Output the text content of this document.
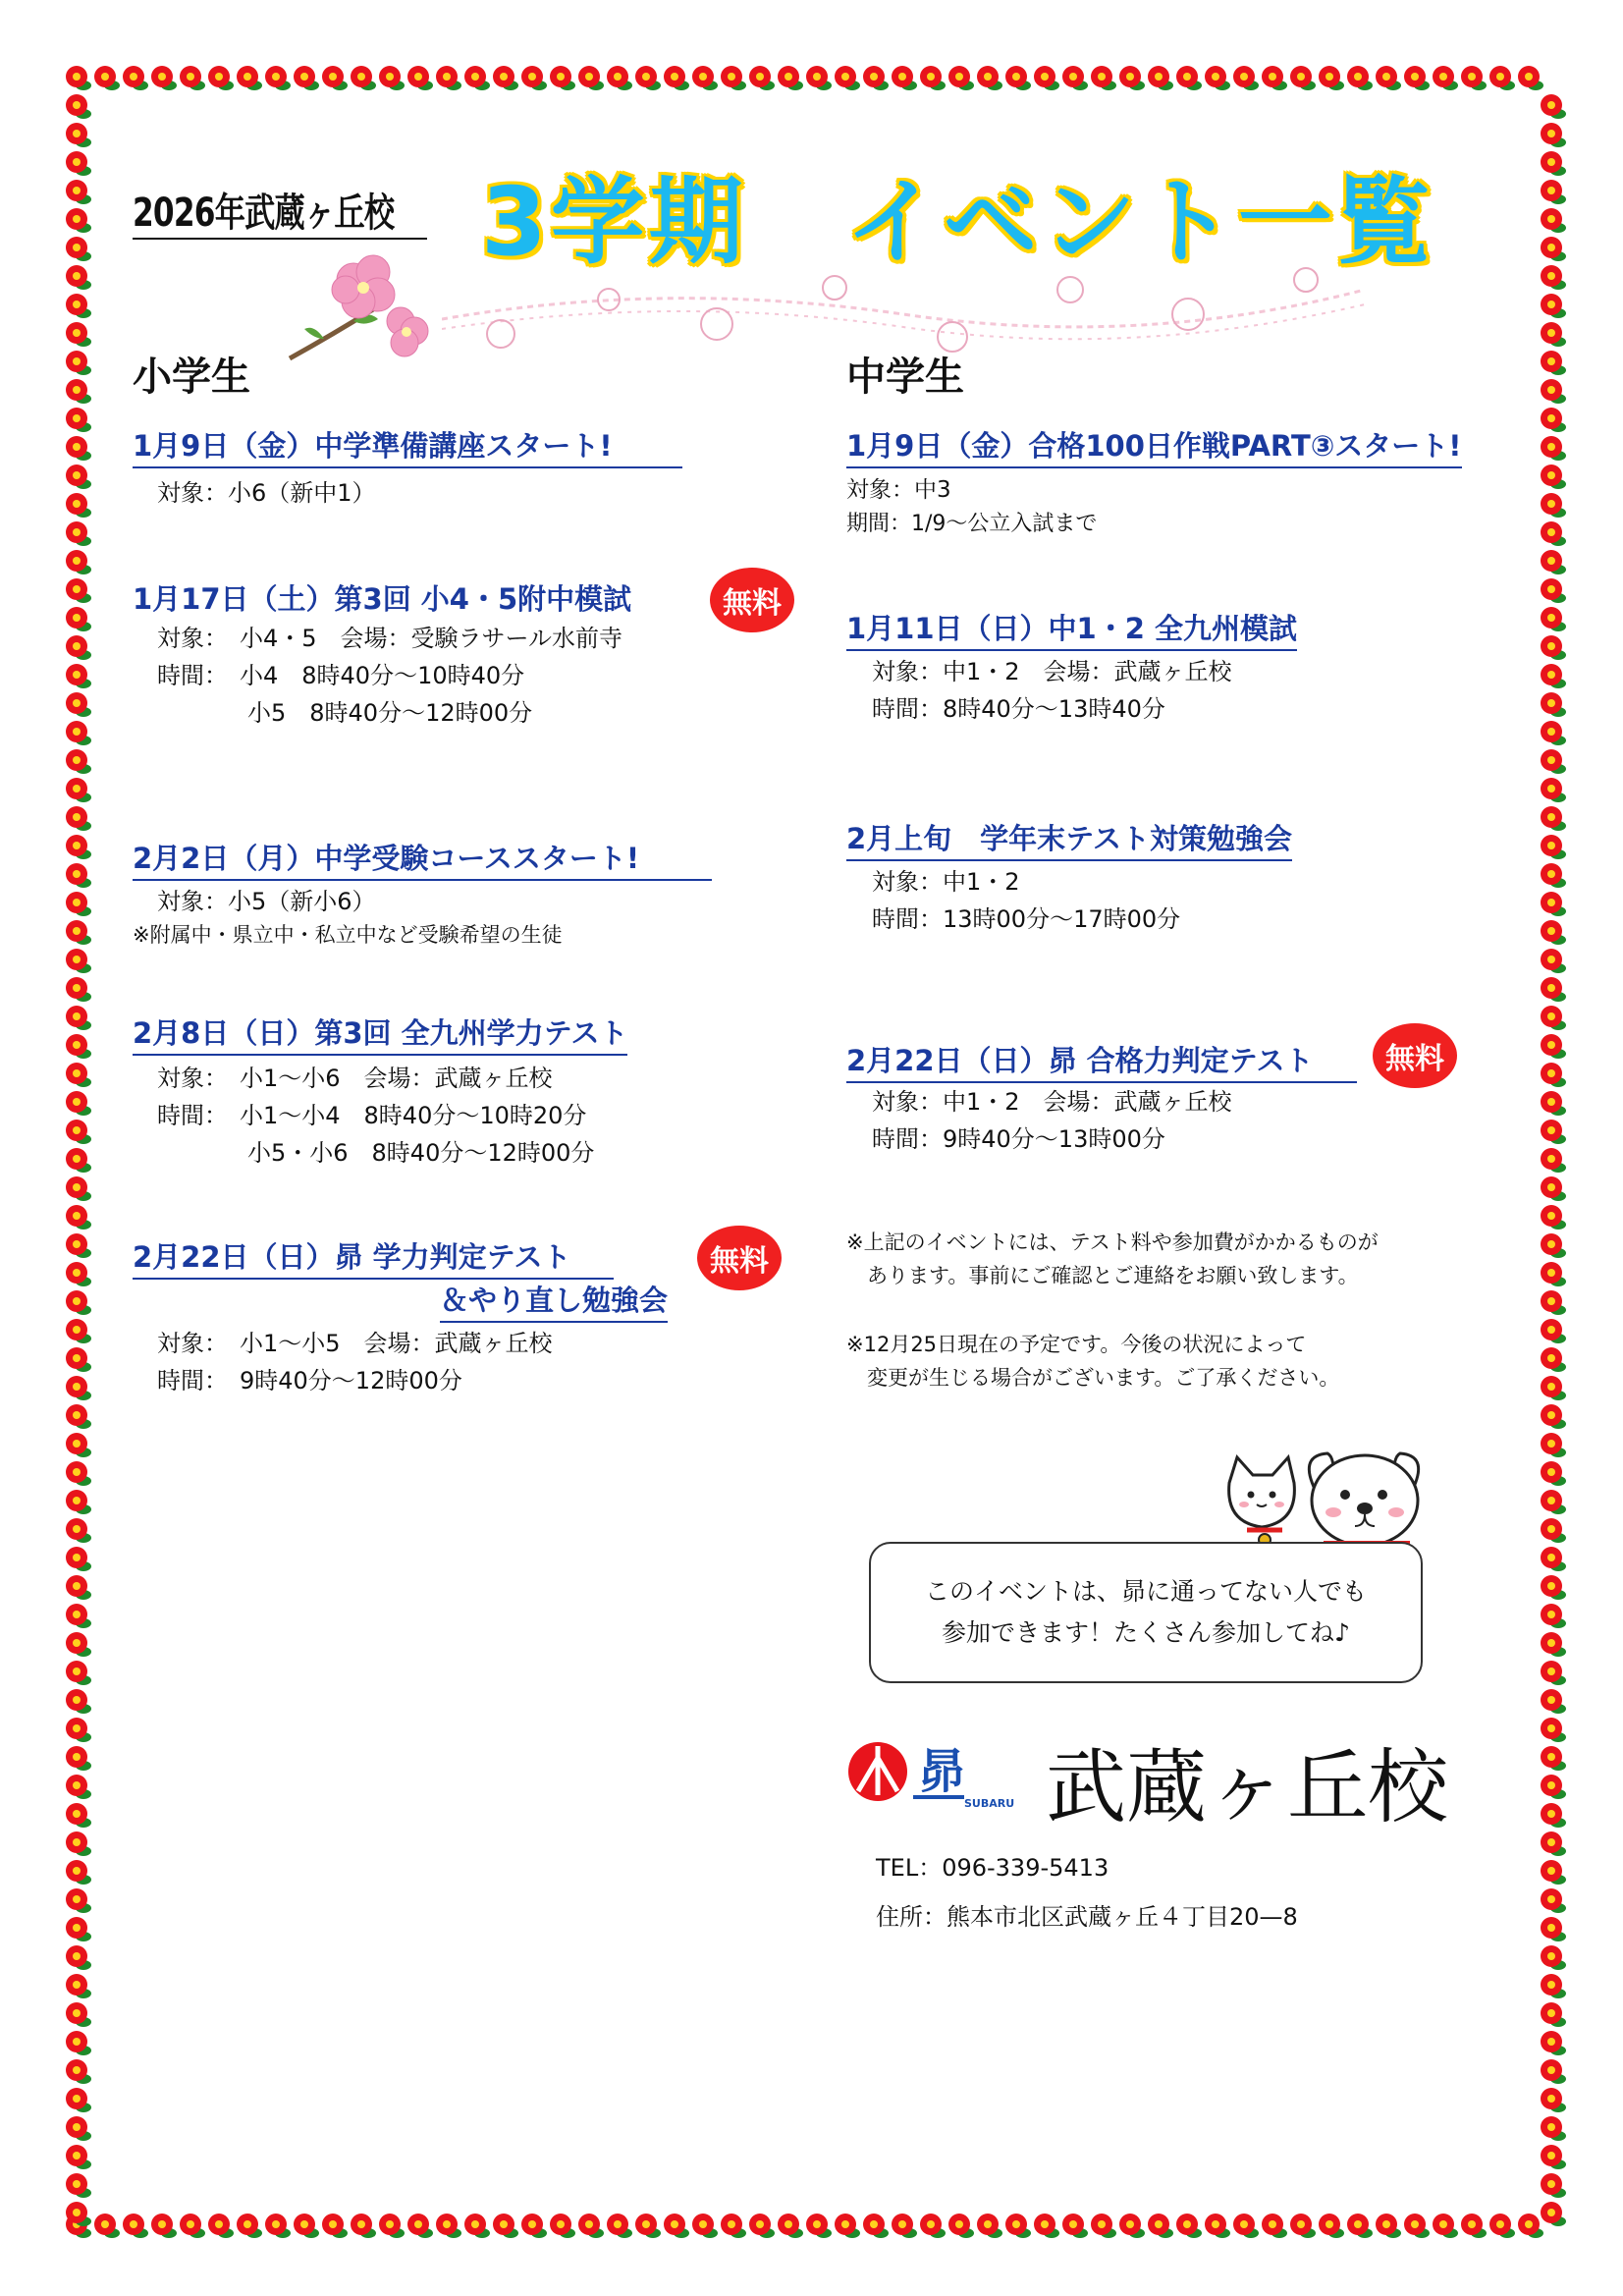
2026年武蔵ヶ丘校 3学期　イベント一覧
小学生
1月9日（金）中学準備講座スタート!
対象：小6（新中1）
1月17日（土）第3回 小4・5附中模試	無料
対象：　小4・5　会場：受験ラサール水前寺
時間：　小4　8時40分〜10時40分
小5　8時40分〜12時00分
2月2日（月）中学受験コーススタート!
対象：小5（新小6）
※附属中・県立中・私立中など受験希望の生徒
2月8日（日）第3回 全九州学力テスト
対象：　小1〜小6　会場：武蔵ヶ丘校
時間：　小1〜小4　8時40分〜10時20分
小5・小6　8時40分〜12時00分
2月22日（日）昴 学力判定テスト	無料
＆やり直し勉強会
対象：　小1〜小5　会場：武蔵ヶ丘校
時間：　9時40分〜12時00分
中学生
1月9日（金）合格100日作戦PART③スタート!
対象：中3
期間：1/9〜公立入試まで
1月11日（日）中1・2 全九州模試
対象：中1・2　会場：武蔵ヶ丘校
時間：8時40分〜13時40分
2月上旬　学年末テスト対策勉強会
対象：中1・2
時間：13時00分〜17時00分
2月22日（日）昴 合格力判定テスト	無料
対象：中1・2　会場：武蔵ヶ丘校
時間：9時40分〜13時00分
※上記のイベントには、テスト料や参加費がかかるものが
　あります。事前にご確認とご連絡をお願い致します。
※12月25日現在の予定です。今後の状況によって
　変更が生じる場合がございます。ご了承ください。
このイベントは、昴に通ってない人でも
参加できます！たくさん参加してね♪
昴
SUBARU 武蔵ヶ丘校
TEL：096-339-5413
住所：熊本市北区武蔵ヶ丘４丁目20—8
